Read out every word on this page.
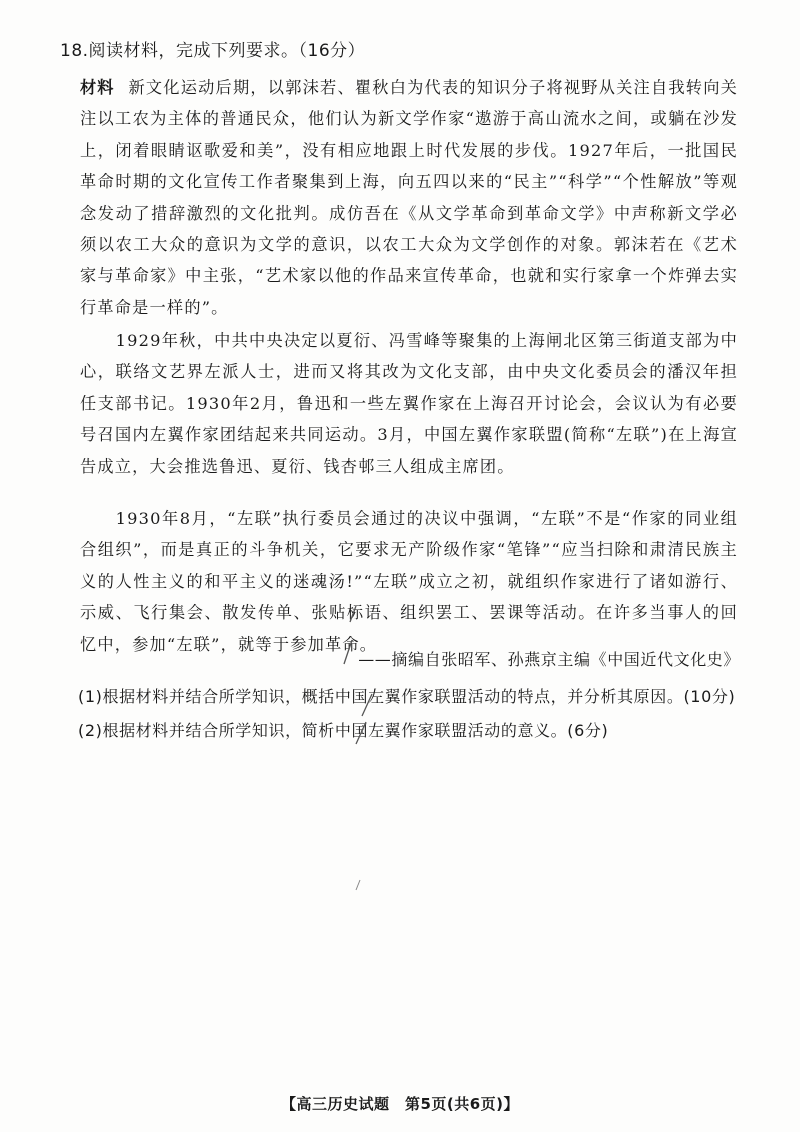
18.阅读材料，完成下列要求。（16分）
材料 新文化运动后期，以郭沫若、瞿秋白为代表的知识分子将视野从关注自我转向关注以工农为主体的普通民众，他们认为新文学作家“遨游于高山流水之间，或躺在沙发上，闭着眼睛讴歌爱和美”，没有相应地跟上时代发展的步伐。1927年后，一批国民革命时期的文化宣传工作者聚集到上海，向五四以来的“民主”“科学”“个性解放”等观念发动了措辞激烈的文化批判。成仿吾在《从文学革命到革命文学》中声称新文学必须以农工大众的意识为文学的意识，以农工大众为文学创作的对象。郭沫若在《艺术家与革命家》中主张，“艺术家以他的作品来宣传革命，也就和实行家拿一个炸弹去实行革命是一样的”。
1929年秋，中共中央决定以夏衍、冯雪峰等聚集的上海闸北区第三街道支部为中心，联络文艺界左派人士，进而又将其改为文化支部，由中央文化委员会的潘汉年担任支部书记。1930年2月，鲁迅和一些左翼作家在上海召开讨论会，会议认为有必要号召国内左翼作家团结起来共同运动。3月，中国左翼作家联盟(简称“左联”)在上海宣告成立，大会推选鲁迅、夏衍、钱杏邨三人组成主席团。
1930年8月，“左联”执行委员会通过的决议中强调，“左联”不是“作家的同业组合组织”，而是真正的斗争机关，它要求无产阶级作家“笔锋”“应当扫除和肃清民族主义的人性主义的和平主义的迷魂汤!”“左联”成立之初，就组织作家进行了诸如游行、示威、飞行集会、散发传单、张贴标语、组织罢工、罢课等活动。在许多当事人的回忆中，参加“左联”，就等于参加革命。
——摘编自张昭军、孙燕京主编《中国近代文化史》
(1)根据材料并结合所学知识，概括中国左翼作家联盟活动的特点，并分析其原因。(10分)
(2)根据材料并结合所学知识，简析中国左翼作家联盟活动的意义。(6分)
【高三历史试题　第5页(共6页)】
